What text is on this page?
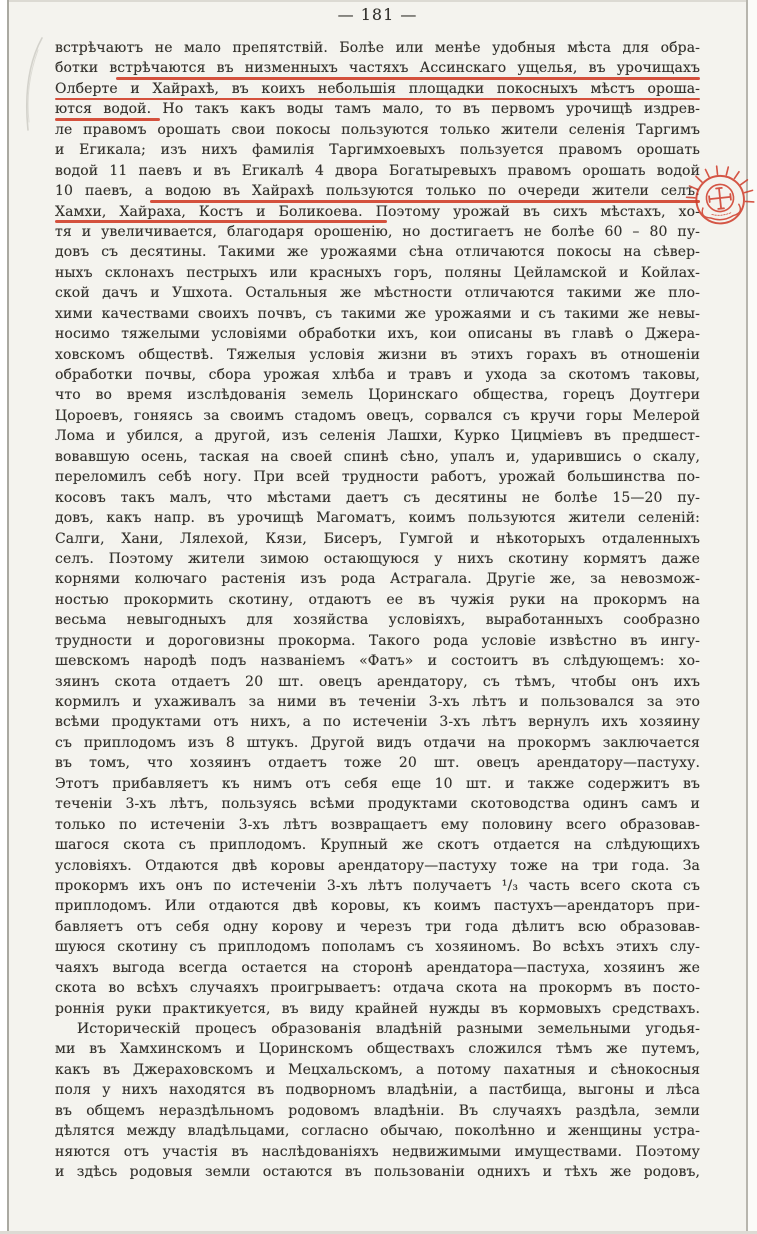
— 181 —
встрѣчаютъ не мало препятствій. Болѣе или менѣе удобныя мѣста для обра-
ботки встрѣчаются въ низменныхъ частяхъ Ассинскаго ущелья, въ урочищахъ
Олберте и Хайрахѣ, въ коихъ небольшія площадки покосныхъ мѣстъ ороша-
ются водой. Но такъ какъ воды тамъ мало, то въ первомъ урочищѣ издрев-
ле правомъ орошать свои покосы пользуются только жители селенія Таргимъ
и Егикала; изъ нихъ фамилія Таргимхоевыхъ пользуется правомъ орошать
водой 11 паевъ и въ Егикалѣ 4 двора Богатыревыхъ правомъ орошать водой
10 паевъ, а водою въ Хайрахѣ пользуются только по очереди жители селъ:
Хамхи, Хайраха, Костъ и Боликоева. Поэтому урожай въ сихъ мѣстахъ, хо-
тя и увеличивается, благодаря орошенію, но достигаетъ не болѣе 60 – 80 пу-
довъ съ десятины. Такими же урожаями сѣна отличаются покосы на сѣвер-
ныхъ склонахъ пестрыхъ или красныхъ горъ, поляны Цейламской и Койлах-
ской дачъ и Ушхота. Остальныя же мѣстности отличаются такими же пло-
хими качествами своихъ почвъ, съ такими же урожаями и съ такими же невы-
носимо тяжелыми условіями обработки ихъ, кои описаны въ главѣ о Джера-
ховскомъ обществѣ. Тяжелыя условія жизни въ этихъ горахъ въ отношеніи
обработки почвы, сбора урожая хлѣба и травъ и ухода за скотомъ таковы,
что во время изслѣдованія земель Цоринскаго общества, горецъ Доутгери
Цороевъ, гоняясь за своимъ стадомъ овецъ, сорвался съ кручи горы Мелерой
Лома и убился, а другой, изъ селенія Лашхи, Курко Цицміевъ въ предшест-
вовавшую осень, таская на своей спинѣ сѣно, упалъ и, ударившись о скалу,
переломилъ себѣ ногу. При всей трудности работъ, урожай большинства по-
косовъ такъ малъ, что мѣстами даетъ съ десятины не болѣе 15—20 пу-
довъ, какъ напр. въ урочищѣ Магоматъ, коимъ пользуются жители селеній:
Салги, Хани, Лялехой, Кязи, Бисеръ, Гумгой и нѣкоторыхъ отдаленныхъ
селъ. Поэтому жители зимою остающуюся у нихъ скотину кормятъ даже
корнями колючаго растенія изъ рода Астрагала. Другіе же, за невозмож-
ностью прокормить скотину, отдаютъ ее въ чужія руки на прокормъ на
весьма невыгодныхъ для хозяйства условіяхъ, выработанныхъ сообразно
трудности и дороговизны прокорма. Такого рода условіе извѣстно въ ингу-
шевскомъ народѣ подъ названіемъ «Фатъ» и состоитъ въ слѣдующемъ: хо-
зяинъ скота отдаетъ 20 шт. овецъ арендатору, съ тѣмъ, чтобы онъ ихъ
кормилъ и ухаживалъ за ними въ теченіи 3-хъ лѣтъ и пользовался за это
всѣми продуктами отъ нихъ, а по истеченіи 3-хъ лѣтъ вернулъ ихъ хозяину
съ приплодомъ изъ 8 штукъ. Другой видъ отдачи на прокормъ заключается
въ томъ, что хозяинъ отдаетъ тоже 20 шт. овецъ арендатору—пастуху.
Этотъ прибавляетъ къ нимъ отъ себя еще 10 шт. и также содержитъ въ
теченіи 3-хъ лѣтъ, пользуясь всѣми продуктами скотоводства одинъ самъ и
только по истеченіи 3-хъ лѣтъ возвращаетъ ему половину всего образовав-
шагося скота съ приплодомъ. Крупный же скотъ отдается на слѣдующихъ
условіяхъ. Отдаются двѣ коровы арендатору—пастуху тоже на три года. За
прокормъ ихъ онъ по истеченіи 3-хъ лѣтъ получаетъ ¹/₃ часть всего скота съ
приплодомъ. Или отдаются двѣ коровы, къ коимъ пастухъ—арендаторъ при-
бавляетъ отъ себя одну корову и черезъ три года дѣлитъ всю образовав-
шуюся скотину съ приплодомъ пополамъ съ хозяиномъ. Во всѣхъ этихъ слу-
чаяхъ выгода всегда остается на сторонѣ арендатора—пастуха, хозяинъ же
скота во всѣхъ случаяхъ проигрываетъ: отдача скота на прокормъ въ посто-
роннія руки практикуется, въ виду крайней нужды въ кормовыхъ средствахъ.
Историческій процесъ образованія владѣній разными земельными угодья-
ми въ Хамхинскомъ и Цоринскомъ обществахъ сложился тѣмъ же путемъ,
какъ въ Джераховскомъ и Мецхальскомъ, а потому пахатныя и сѣнокосныя
поля у нихъ находятся въ подворномъ владѣніи, а пастбища, выгоны и лѣса
въ общемъ нераздѣльномъ родовомъ владѣніи. Въ случаяхъ раздѣла, земли
дѣлятся между владѣльцами, согласно обычаю, поколѣнно и женщины устра-
няются отъ участія въ наслѣдованіяхъ недвижимыми имуществами. Поэтому
и здѣсь родовыя земли остаются въ пользованіи однихъ и тѣхъ же родовъ,
